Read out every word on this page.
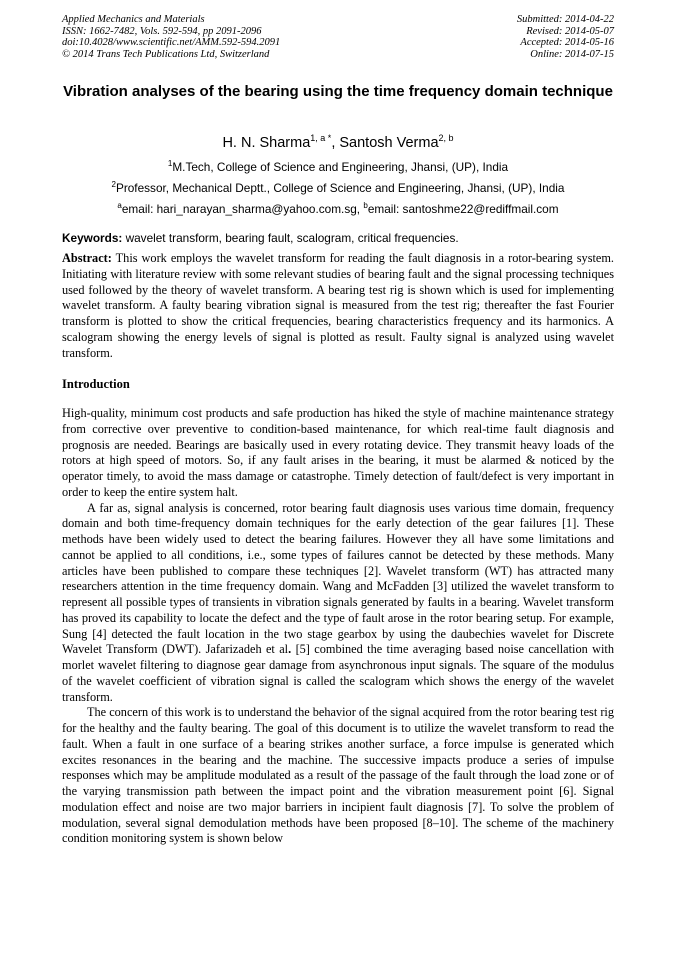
Applied Mechanics and Materials
ISSN: 1662-7482, Vols. 592-594, pp 2091-2096
doi:10.4028/www.scientific.net/AMM.592-594.2091
© 2014 Trans Tech Publications Ltd, Switzerland
Submitted: 2014-04-22
Revised: 2014-05-07
Accepted: 2014-05-16
Online: 2014-07-15
Vibration analyses of the bearing using the time frequency domain technique
H. N. Sharma$^{1, a *}$, Santosh Verma$^{2, b}$
$^1$M.Tech, College of Science and Engineering, Jhansi, (UP), India
$^2$Professor, Mechanical Deptt., College of Science and Engineering, Jhansi, (UP), India
$^a$email: hari_narayan_sharma@yahoo.com.sg, $^b$email: santoshme22@rediffmail.com
Keywords: wavelet transform, bearing fault, scalogram, critical frequencies.
Abstract: This work employs the wavelet transform for reading the fault diagnosis in a rotor-bearing system. Initiating with literature review with some relevant studies of bearing fault and the signal processing techniques used followed by the theory of wavelet transform. A bearing test rig is shown which is used for implementing wavelet transform. A faulty bearing vibration signal is measured from the test rig; thereafter the fast Fourier transform is plotted to show the critical frequencies, bearing characteristics frequency and its harmonics. A scalogram showing the energy levels of signal is plotted as result. Faulty signal is analyzed using wavelet transform.
Introduction

High-quality, minimum cost products and safe production has hiked the style of machine maintenance strategy from corrective over preventive to condition-based maintenance, for which real-time fault diagnosis and prognosis are needed. Bearings are basically used in every rotating device. They transmit heavy loads of the rotors at high speed of motors. So, if any fault arises in the bearing, it must be alarmed & noticed by the operator timely, to avoid the mass damage or catastrophe. Timely detection of fault/defect is very important in order to keep the entire system halt.

A far as, signal analysis is concerned, rotor bearing fault diagnosis uses various time domain, frequency domain and both time-frequency domain techniques for the early detection of the gear failures [1]. These methods have been widely used to detect the bearing failures. However they all have some limitations and cannot be applied to all conditions, i.e., some types of failures cannot be detected by these methods. Many articles have been published to compare these techniques [2]. Wavelet transform (WT) has attracted many researchers attention in the time frequency domain. Wang and McFadden [3] utilized the wavelet transform to represent all possible types of transients in vibration signals generated by faults in a bearing. Wavelet transform has proved its capability to locate the defect and the type of fault arose in the rotor bearing setup. For example, Sung [4] detected the fault location in the two stage gearbox by using the daubechies wavelet for Discrete Wavelet Transform (DWT). Jafarizadeh et al. [5] combined the time averaging based noise cancellation with morlet wavelet filtering to diagnose gear damage from asynchronous input signals. The square of the modulus of the wavelet coefficient of vibration signal is called the scalogram which shows the energy of the wavelet transform.

The concern of this work is to understand the behavior of the signal acquired from the rotor bearing test rig for the healthy and the faulty bearing. The goal of this document is to utilize the wavelet transform to read the fault. When a fault in one surface of a bearing strikes another surface, a force impulse is generated which excites resonances in the bearing and the machine. The successive impacts produce a series of impulse responses which may be amplitude modulated as a result of the passage of the fault through the load zone or of the varying transmission path between the impact point and the vibration measurement point [6]. Signal modulation effect and noise are two major barriers in incipient fault diagnosis [7]. To solve the problem of modulation, several signal demodulation methods have been proposed [8–10]. The scheme of the machinery condition monitoring system is shown below
